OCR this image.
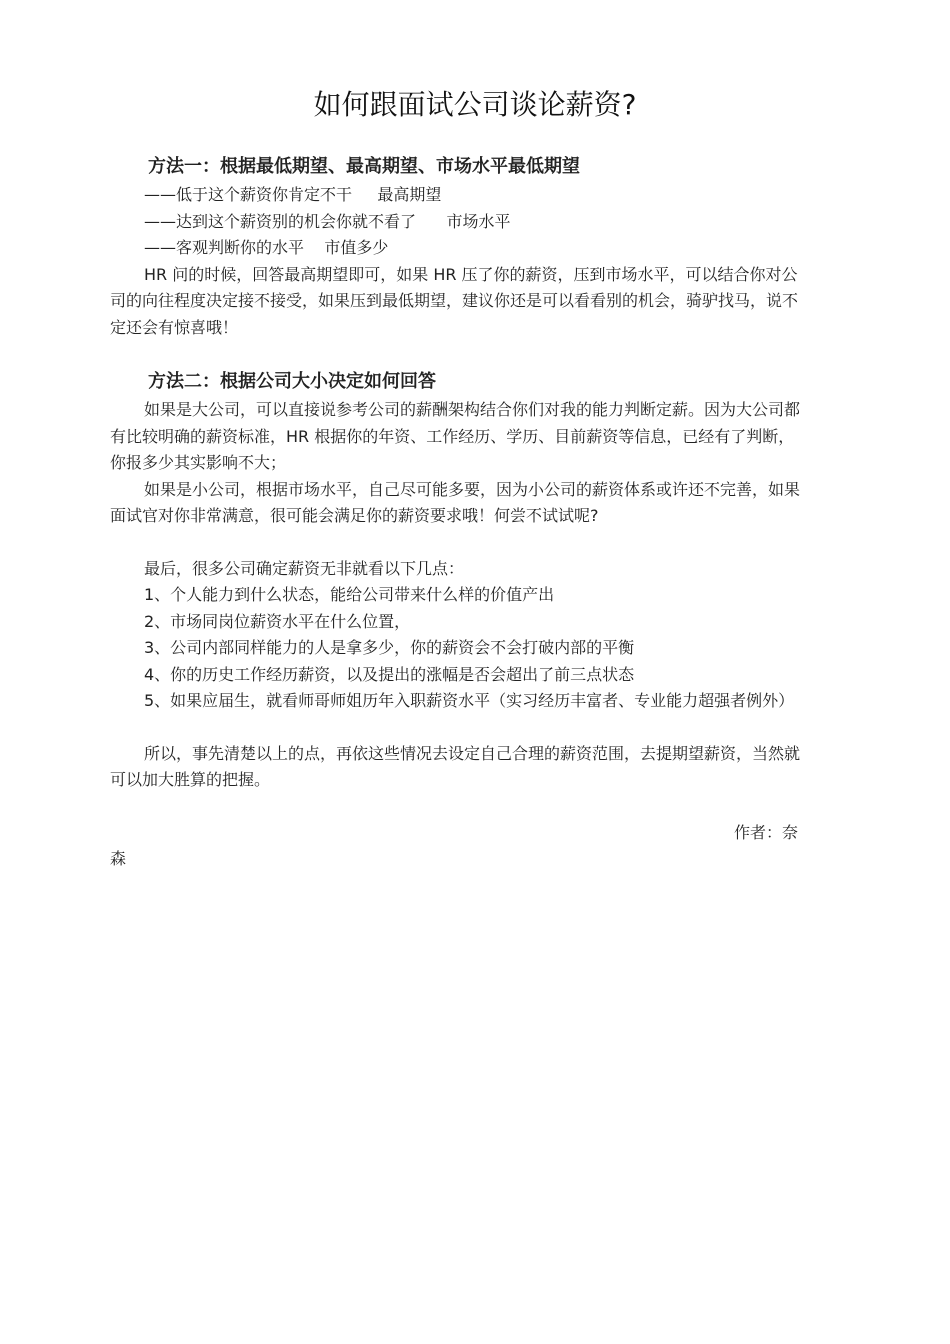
如何跟面试公司谈论薪资?

方法一：根据最低期望、最高期望、市场水平最低期望

——低于这个薪资你肯定不干     最高期望

——达到这个薪资别的机会你就不看了      市场水平

——客观判断你的水平    市值多少

HR 问的时候，回答最高期望即可，如果 HR 压了你的薪资，压到市场水平，可以结合你对公司的向往程度决定接不接受，如果压到最低期望，建议你还是可以看看别的机会，骑驴找马，说不定还会有惊喜哦！

方法二：根据公司大小决定如何回答

如果是大公司，可以直接说参考公司的薪酬架构结合你们对我的能力判断定薪。因为大公司都有比较明确的薪资标准，HR 根据你的年资、工作经历、学历、目前薪资等信息，已经有了判断，你报多少其实影响不大；

如果是小公司，根据市场水平，自己尽可能多要，因为小公司的薪资体系或许还不完善，如果面试官对你非常满意，很可能会满足你的薪资要求哦！何尝不试试呢?

最后，很多公司确定薪资无非就看以下几点：

1、个人能力到什么状态，能给公司带来什么样的价值产出

2、市场同岗位薪资水平在什么位置，

3、公司内部同样能力的人是拿多少，你的薪资会不会打破内部的平衡

4、你的历史工作经历薪资，以及提出的涨幅是否会超出了前三点状态

5、如果应届生，就看师哥师姐历年入职薪资水平（实习经历丰富者、专业能力超强者例外）

所以，事先清楚以上的点，再依这些情况去设定自己合理的薪资范围，去提期望薪资，当然就可以加大胜算的把握。

作者：奈

森
